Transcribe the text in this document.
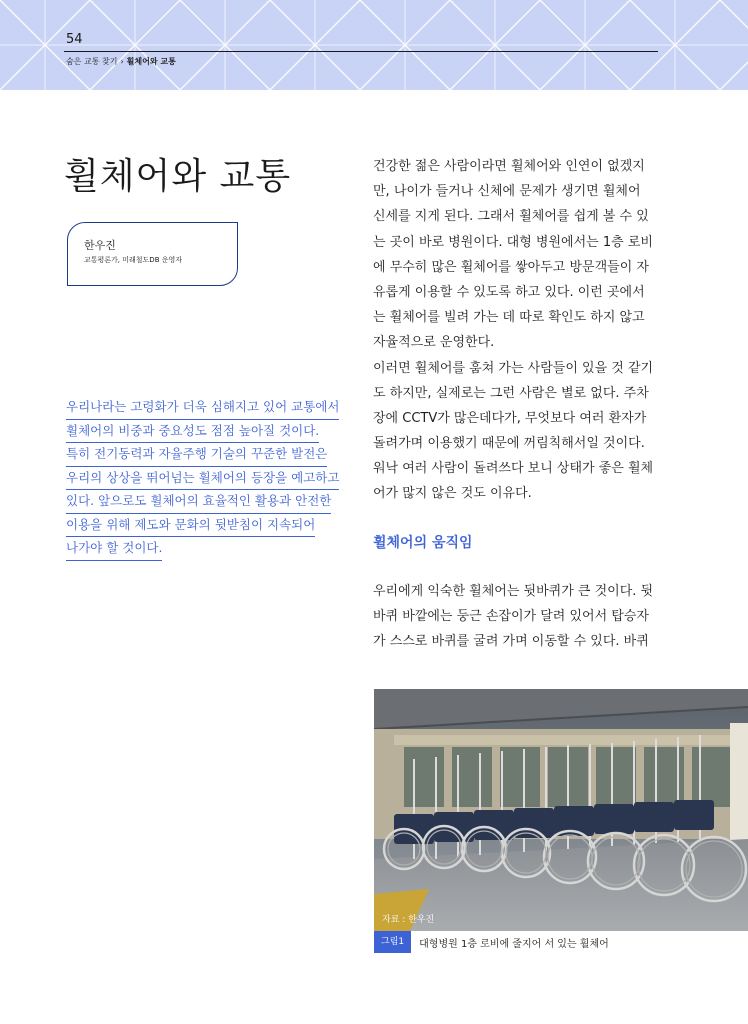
54
숨은 교통 찾기 › 휠체어와 교통
휠체어와 교통
한우진
교통평론가, 미래철도DB 운영자
우리나라는 고령화가 더욱 심해지고 있어 교통에서
휠체어의 비중과 중요성도 점점 높아질 것이다.
특히 전기동력과 자율주행 기술의 꾸준한 발전은
우리의 상상을 뛰어넘는 휠체어의 등장을 예고하고
있다. 앞으로도 휠체어의 효율적인 활용과 안전한
이용을 위해 제도와 문화의 뒷받침이 지속되어
나가야 할 것이다.
건강한 젊은 사람이라면 휠체어와 인연이 없겠지
만, 나이가 들거나 신체에 문제가 생기면 휠체어
신세를 지게 된다. 그래서 휠체어를 쉽게 볼 수 있
는 곳이 바로 병원이다. 대형 병원에서는 1층 로비
에 무수히 많은 휠체어를 쌓아두고 방문객들이 자
유롭게 이용할 수 있도록 하고 있다. 이런 곳에서
는 휠체어를 빌려 가는 데 따로 확인도 하지 않고
자율적으로 운영한다.
이러면 휠체어를 훔쳐 가는 사람들이 있을 것 같기
도 하지만, 실제로는 그런 사람은 별로 없다. 주차
장에 CCTV가 많은데다가, 무엇보다 여러 환자가
돌려가며 이용했기 때문에 꺼림칙해서일 것이다.
워낙 여러 사람이 돌려쓰다 보니 상태가 좋은 휠체
어가 많지 않은 것도 이유다.
휠체어의 움직임
우리에게 익숙한 휠체어는 뒷바퀴가 큰 것이다. 뒷
바퀴 바깥에는 둥근 손잡이가 달려 있어서 탑승자
가 스스로 바퀴를 굴려 가며 이동할 수 있다. 바퀴
자료 : 한우진
그림1	대형병원 1층 로비에 줄지어 서 있는 휠체어
